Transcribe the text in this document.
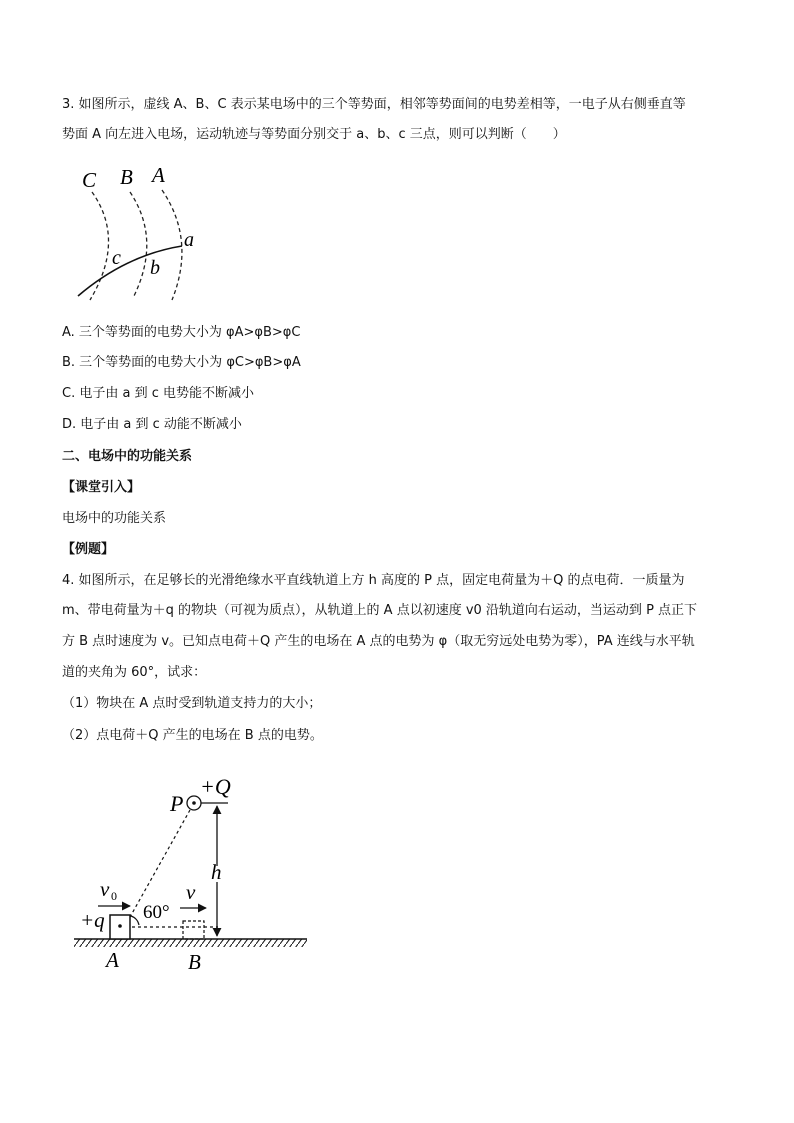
3. 如图所示，虚线 A、B、C 表示某电场中的三个等势面，相邻等势面间的电势差相等，一电子从右侧垂直等
势面 A 向左进入电场，运动轨迹与等势面分别交于 a、b、c 三点，则可以判断（　　）
C B A
a
c b
A. 三个等势面的电势大小为 φA>φB>φC
B. 三个等势面的电势大小为 φC>φB>φA
C. 电子由 a 到 c 电势能不断减小
D. 电子由 a 到 c 动能不断减小
二、电场中的功能关系
【课堂引入】
电场中的功能关系
【例题】
4. 如图所示，在足够长的光滑绝缘水平直线轨道上方 h 高度的 P 点，固定电荷量为＋Q 的点电荷．一质量为
m、带电荷量为＋q 的物块（可视为质点），从轨道上的 A 点以初速度 v0 沿轨道向右运动，当运动到 P 点正下
方 B 点时速度为 v。已知点电荷＋Q 产生的电场在 A 点的电势为 φ（取无穷远处电势为零），PA 连线与水平轨
道的夹角为 60°，试求：
（1）物块在 A 点时受到轨道支持力的大小；
（2）点电荷＋Q 产生的电场在 B 点的电势。
P
+Q
h
v 0	v
60°
+q
A	B
